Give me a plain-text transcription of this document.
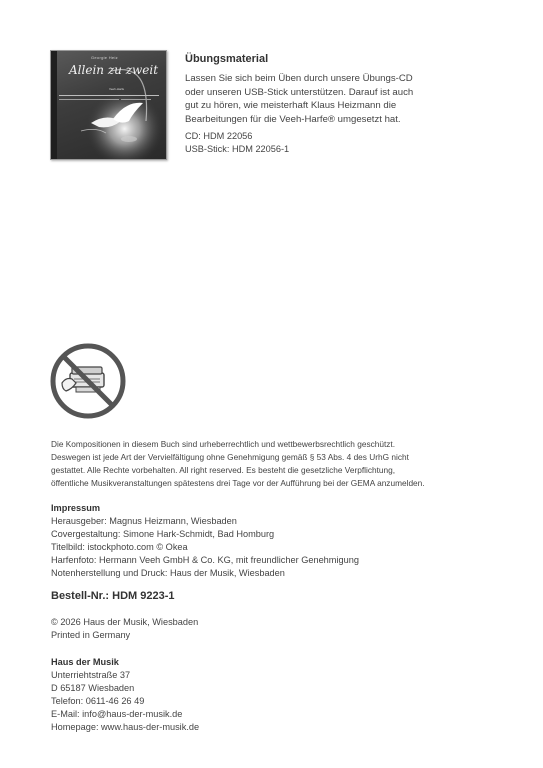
Georgie Heiz
Allein zu zweit
Veeh-Harfe
Übungsmaterial
Lassen Sie sich beim Üben durch unsere Übungs-CD
oder unseren USB-Stick unterstützen. Darauf ist auch
gut zu hören, wie meisterhaft Klaus Heizmann die
Bearbeitungen für die Veeh-Harfe® umgesetzt hat.
CD: HDM 22056
USB-Stick: HDM 22056-1
Die Kompositionen in diesem Buch sind urheberrechtlich und wettbewerbsrechtlich geschützt.
Deswegen ist jede Art der Vervielfältigung ohne Genehmigung gemäß § 53 Abs. 4 des UrhG nicht
gestattet. Alle Rechte vorbehalten. All right reserved. Es besteht die gesetzliche Verpflichtung,
öffentliche Musikveranstaltungen spätestens drei Tage vor der Aufführung bei der GEMA anzumelden.
Impressum
Herausgeber: Magnus Heizmann, Wiesbaden
Covergestaltung: Simone Hark-Schmidt, Bad Homburg
Titelbild: istockphoto.com © Okea
Harfenfoto: Hermann Veeh GmbH & Co. KG, mit freundlicher Genehmigung
Notenherstellung und Druck: Haus der Musik, Wiesbaden
Bestell-Nr.: HDM 9223-1
© 2026 Haus der Musik, Wiesbaden
Printed in Germany
Haus der Musik
Unterriehtstraße 37
D 65187 Wiesbaden
Telefon: 0611-46 26 49
E-Mail: info@haus-der-musik.de
Homepage: www.haus-der-musik.de
